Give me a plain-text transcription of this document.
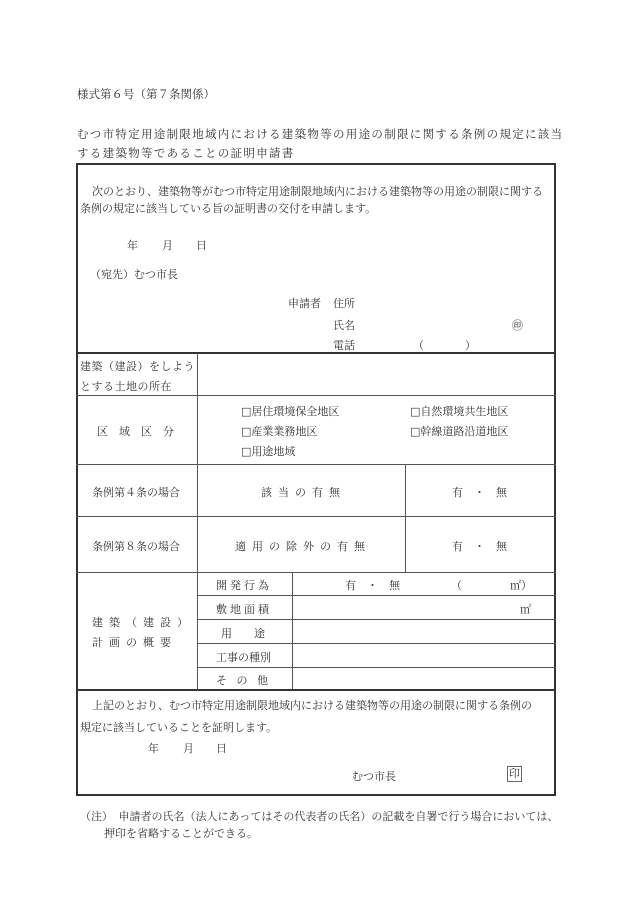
様式第６号（第７条関係）
むつ市特定用途制限地域内における建築物等の用途の制限に関する条例の規定に該当
する建築物等であることの証明申請書
次のとおり、建築物等がむつ市特定用途制限地域内における建築物等の用途の制限に関する
条例の規定に該当している旨の証明書の交付を申請します。
年 月 日
（宛先）むつ市長
申請者 住所
氏名	㊞
電話	（	）
建築（建設）をしよう
とする土地の所在
区　域　区　分
□居住環境保全地区	□自然環境共生地区
□産業業務地区	□幹線道路沿道地区
□用途地域
条例第４条の場合	該当の有無	有　・　無
条例第８条の場合	適用の除外の有無	有　・　無
建築（建設）
計画の概要
開発行為	有　・　無	（	㎡）
敷地面積	㎡
用　　途
工事の種別
そ の 他
上記のとおり、むつ市特定用途制限地域内における建築物等の用途の制限に関する条例の
規定に該当していることを証明します。
年 月 日
むつ市長	印
（注）　申請者の氏名（法人にあってはその代表者の氏名）の記載を自署で行う場合においては、
押印を省略することができる。
